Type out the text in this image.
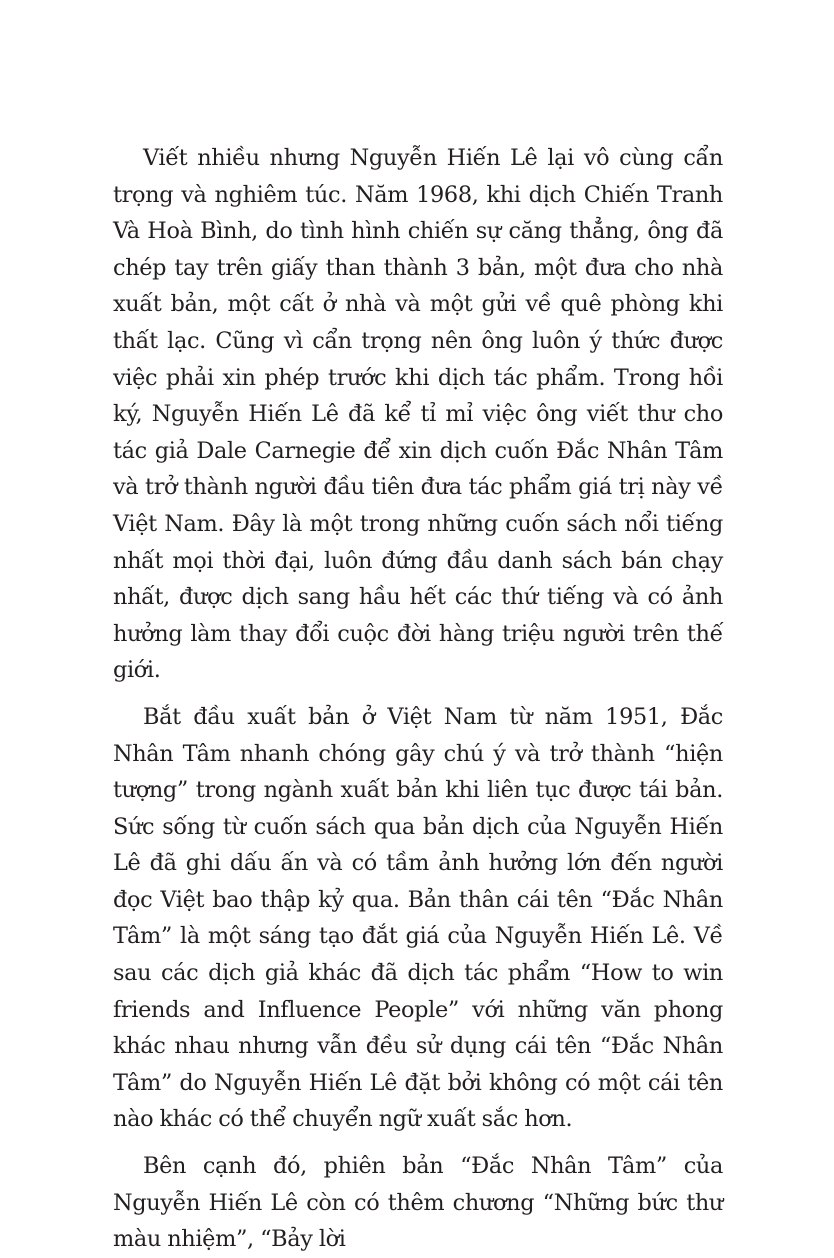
Viết nhiều nhưng Nguyễn Hiến Lê lại vô cùng cẩn trọng và nghiêm túc. Năm 1968, khi dịch Chiến Tranh Và Hoà Bình, do tình hình chiến sự căng thẳng, ông đã chép tay trên giấy than thành 3 bản, một đưa cho nhà xuất bản, một cất ở nhà và một gửi về quê phòng khi thất lạc. Cũng vì cẩn trọng nên ông luôn ý thức được việc phải xin phép trước khi dịch tác phẩm. Trong hồi ký, Nguyễn Hiến Lê đã kể tỉ mỉ việc ông viết thư cho tác giả Dale Carnegie để xin dịch cuốn Đắc Nhân Tâm và trở thành người đầu tiên đưa tác phẩm giá trị này về Việt Nam. Đây là một trong những cuốn sách nổi tiếng nhất mọi thời đại, luôn đứng đầu danh sách bán chạy nhất, được dịch sang hầu hết các thứ tiếng và có ảnh hưởng làm thay đổi cuộc đời hàng triệu người trên thế giới.

Bắt đầu xuất bản ở Việt Nam từ năm 1951, Đắc Nhân Tâm nhanh chóng gây chú ý và trở thành “hiện tượng” trong ngành xuất bản khi liên tục được tái bản. Sức sống từ cuốn sách qua bản dịch của Nguyễn Hiến Lê đã ghi dấu ấn và có tầm ảnh hưởng lớn đến người đọc Việt bao thập kỷ qua. Bản thân cái tên “Đắc Nhân Tâm” là một sáng tạo đắt giá của Nguyễn Hiến Lê. Về sau các dịch giả khác đã dịch tác phẩm “How to win friends and Influence People” với những văn phong khác nhau nhưng vẫn đều sử dụng cái tên “Đắc Nhân Tâm” do Nguyễn Hiến Lê đặt bởi không có một cái tên nào khác có thể chuyển ngữ xuất sắc hơn.

Bên cạnh đó, phiên bản “Đắc Nhân Tâm” của Nguyễn Hiến Lê còn có thêm chương “Những bức thư màu nhiệm”, “Bảy lời
